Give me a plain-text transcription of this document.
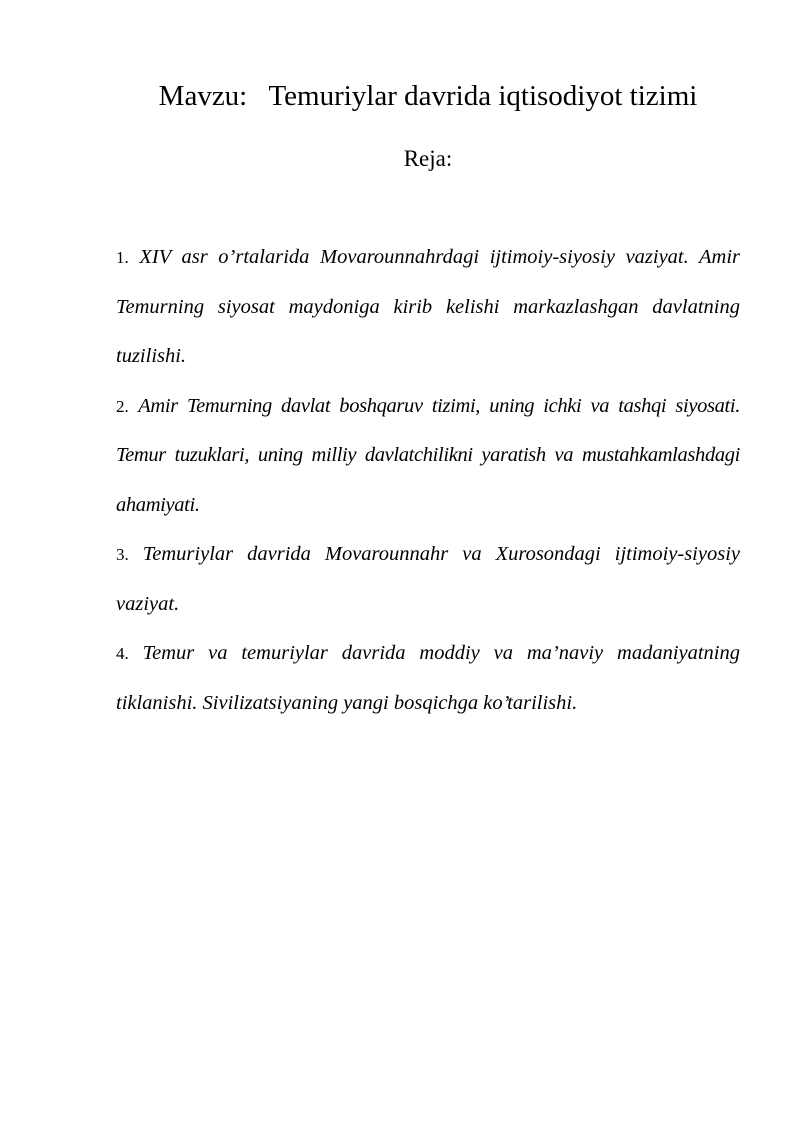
Mavzu:   Temuriylar davrida iqtisodiyot tizimi
Reja:

1. XIV asr o’rtalarida Movarounnahrdagi ijtimoiy-siyosiy vaziyat. Amir Temurning siyosat maydoniga kirib kelishi markazlashgan davlatning tuzilishi.

2. Amir Temurning davlat boshqaruv tizimi, uning ichki va tashqi siyosati. Temur tuzuklari, uning milliy davlatchilikni yaratish va mustahkamlashdagi ahamiyati.

3. Temuriylar davrida Movarounnahr va Xurosondagi ijtimoiy-siyosiy vaziyat.

4. Temur va temuriylar davrida moddiy va ma’naviy madaniyatning tiklanishi. Sivilizatsiyaning yangi bosqichga ko’tarilishi.
